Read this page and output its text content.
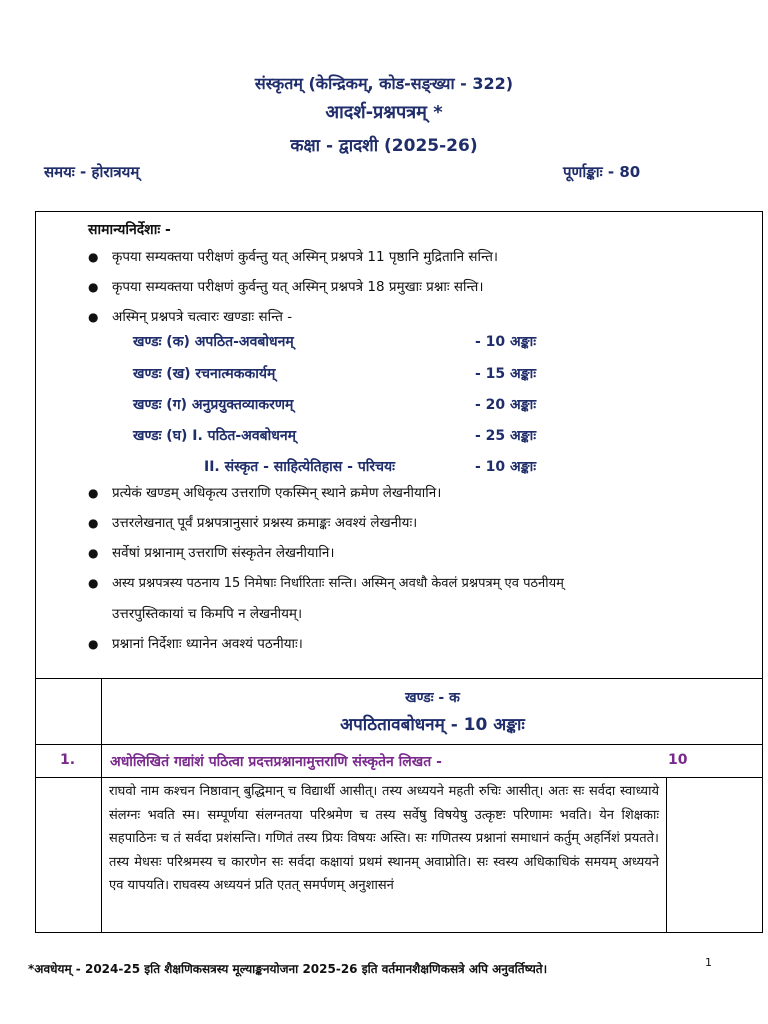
संस्कृतम् (केन्द्रिकम्, कोड-सङ्ख्या - 322)
आदर्श-प्रश्नपत्रम् *
कक्षा - द्वादशी (2025-26)
समयः - होरात्रयम्	पूर्णाङ्काः - 80
सामान्यनिर्देशाः -
● कृपया सम्यक्तया परीक्षणं कुर्वन्तु यत् अस्मिन् प्रश्नपत्रे 11 पृष्ठानि मुद्रितानि सन्ति।
● कृपया सम्यक्तया परीक्षणं कुर्वन्तु यत् अस्मिन् प्रश्नपत्रे 18 प्रमुखाः प्रश्नाः सन्ति।
● अस्मिन् प्रश्नपत्रे चत्वारः खण्डाः सन्ति -
खण्डः (क) अपठित-अवबोधनम्	- 10 अङ्काः
खण्डः (ख) रचनात्मककार्यम्	- 15 अङ्काः
खण्डः (ग) अनुप्रयुक्तव्याकरणम्	- 20 अङ्काः
खण्डः (घ) I. पठित-अवबोधनम्	- 25 अङ्काः
II. संस्कृत - साहित्येतिहास - परिचयः	- 10 अङ्काः
● प्रत्येकं खण्डम् अधिकृत्य उत्तराणि एकस्मिन् स्थाने क्रमेण लेखनीयानि।
● उत्तरलेखनात् पूर्वं प्रश्नपत्रानुसारं प्रश्नस्य क्रमाङ्कः अवश्यं लेखनीयः।
● सर्वेषां प्रश्नानाम् उत्तराणि संस्कृतेन लेखनीयानि।
● अस्य प्रश्नपत्रस्य पठनाय 15 निमेषाः निर्धारिताः सन्ति। अस्मिन् अवधौ केवलं प्रश्नपत्रम् एव पठनीयम्
उत्तरपुस्तिकायां च किमपि न लेखनीयम्।
● प्रश्नानां निर्देशाः ध्यानेन अवश्यं पठनीयाः।
खण्डः - क
अपठितावबोधनम् - 10 अङ्काः
1. अधोलिखितं गद्यांशं पठित्वा प्रदत्तप्रश्नानामुत्तराणि संस्कृतेन लिखत -	10
राघवो नाम कश्चन निष्ठावान् बुद्धिमान् च विद्यार्थी आसीत्। तस्य अध्ययने महती रुचिः आसीत्। अतः सः सर्वदा स्वाध्याये संलग्नः भवति स्म। सम्पूर्णया संलग्नतया परिश्रमेण च तस्य सर्वेषु विषयेषु उत्कृष्टः परिणामः भवति। येन शिक्षकाः सहपाठिनः च तं सर्वदा प्रशंसन्ति। गणितं तस्य प्रियः विषयः अस्ति। सः गणितस्य प्रश्नानां समाधानं कर्तुम् अहर्निशं प्रयतते। तस्य मेधसः परिश्रमस्य च कारणेन सः सर्वदा कक्षायां प्रथमं स्थानम् अवाप्नोति। सः स्वस्य अधिकाधिकं समयम् अध्ययने एव यापयति। राघवस्य अध्ययनं प्रति एतत् समर्पणम् अनुशासनं
*अवधेयम् - 2024-25 इति शैक्षणिकसत्रस्य मूल्याङ्कनयोजना 2025-26 इति वर्तमानशैक्षणिकसत्रे अपि अनुवर्तिष्यते।	1
